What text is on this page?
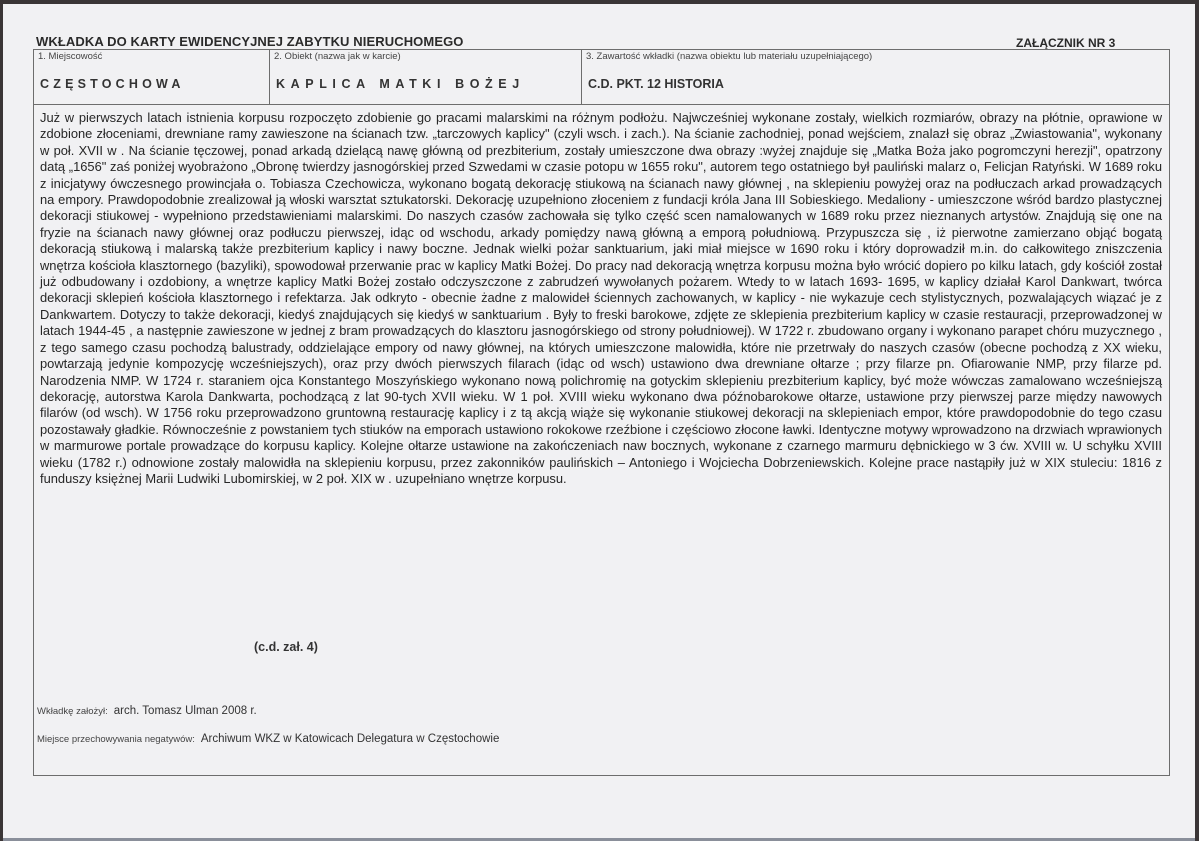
WKŁADKA DO KARTY EWIDENCYJNEJ ZABYTKU NIERUCHOMEGO	ZAŁĄCZNIK NR 3
1. Miejscowość
CZĘSTOCHOWA
2. Obiekt (nazwa jak w karcie)
KAPLICA MATKI BOŻEJ
3. Zawartość wkładki (nazwa obiektu lub materiału uzupełniającego)
C.D. PKT. 12 HISTORIA

Już w pierwszych latach istnienia korpusu rozpoczęto zdobienie go pracami malarskimi na różnym podłożu. Najwcześniej wykonane zostały, wielkich rozmiarów, obrazy na płótnie, oprawione w zdobione złoceniami, drewniane ramy zawieszone na ścianach tzw. „tarczowych kaplicy" (czyli wsch. i zach.). Na ścianie zachodniej, ponad wejściem, znalazł się obraz „Zwiastowania", wykonany w poł. XVII w . Na ścianie tęczowej, ponad arkadą dzielącą nawę główną od prezbiterium, zostały umieszczone dwa obrazy :wyżej znajduje się „Matka Boża jako pogromczyni herezji", opatrzony datą „1656" zaś poniżej wyobrażono „Obronę twierdzy jasnogórskiej przed Szwedami w czasie potopu w 1655 roku", autorem tego ostatniego był pauliński malarz o, Felicjan Ratyński. W 1689 roku z inicjatywy ówczesnego prowincjała o. Tobiasza Czechowicza, wykonano bogatą dekorację stiukową na ścianach nawy głównej , na sklepieniu powyżej oraz na podłuczach arkad prowadzących na empory. Prawdopodobnie zrealizował ją włoski warsztat sztukatorski. Dekorację uzupełniono złoceniem z fundacji króla Jana III Sobieskiego. Medaliony - umieszczone wśród bardzo plastycznej dekoracji stiukowej - wypełniono przedstawieniami malarskimi. Do naszych czasów zachowała się tylko część scen namalowanych w 1689 roku przez nieznanych artystów. Znajdują się one na fryzie na ścianach nawy głównej oraz podłuczu pierwszej, idąc od wschodu, arkady pomiędzy nawą główną a emporą południową. Przypuszcza się , iż pierwotne zamierzano objąć bogatą dekoracją stiukową i malarską także prezbiterium kaplicy i nawy boczne. Jednak wielki pożar sanktuarium, jaki miał miejsce w 1690 roku i który doprowadził m.in. do całkowitego zniszczenia wnętrza kościoła klasztornego (bazyliki), spowodował przerwanie prac w kaplicy Matki Bożej. Do pracy nad dekoracją wnętrza korpusu można było wrócić dopiero po kilku latach, gdy kościół został już odbudowany i ozdobiony, a wnętrze kaplicy Matki Bożej zostało odczyszczone z zabrudzeń wywołanych pożarem. Wtedy to w latach 1693- 1695, w kaplicy działał Karol Dankwart, twórca dekoracji sklepień kościoła klasztornego i refektarza. Jak odkryto - obecnie żadne z malowideł ściennych zachowanych, w kaplicy - nie wykazuje cech stylistycznych, pozwalających wiązać je z Dankwartem. Dotyczy to także dekoracji, kiedyś znajdujących się kiedyś w sanktuarium . Były to freski barokowe, zdjęte ze sklepienia prezbiterium kaplicy w czasie restauracji, przeprowadzonej w latach 1944-45 , a następnie zawieszone w jednej z bram prowadzących do klasztoru jasnogórskiego od strony południowej). W 1722 r. zbudowano organy i wykonano parapet chóru muzycznego , z tego samego czasu pochodzą balustrady, oddzielające empory od nawy głównej, na których umieszczone malowidła, które nie przetrwały do naszych czasów (obecne pochodzą z XX wieku, powtarzają jedynie kompozycję wcześniejszych), oraz przy dwóch pierwszych filarach (idąc od wsch) ustawiono dwa drewniane ołtarze ; przy filarze pn. Ofiarowanie NMP, przy filarze pd. Narodzenia NMP. W 1724 r. staraniem ojca Konstantego Moszyńskiego wykonano nową polichromię na gotyckim sklepieniu prezbiterium kaplicy, być może wówczas zamalowano wcześniejszą dekorację, autorstwa Karola Dankwarta, pochodzącą z lat 90-tych XVII wieku. W 1 poł. XVIII wieku wykonano dwa późnobarokowe ołtarze, ustawione przy pierwszej parze między nawowych filarów (od wsch). W 1756 roku przeprowadzono gruntowną restaurację kaplicy i z tą akcją wiąże się wykonanie stiukowej dekoracji na sklepieniach empor, które prawdopodobnie do tego czasu pozostawały gładkie. Równocześnie z powstaniem tych stiuków na emporach ustawiono rokokowe rzeźbione i częściowo złocone ławki. Identyczne motywy wprowadzono na drzwiach wprawionych w marmurowe portale prowadzące do korpusu kaplicy. Kolejne ołtarze ustawione na zakończeniach naw bocznych, wykonane z czarnego marmuru dębnickiego w 3 ćw. XVIII w. U schyłku XVIII wieku (1782 r.) odnowione zostały malowidła na sklepieniu korpusu, przez zakonników paulińskich – Antoniego i Wojciecha Dobrzeniewskich. Kolejne prace nastąpiły już w XIX stuleciu: 1816 z funduszy księżnej Marii Ludwiki Lubomirskiej, w 2 poł. XIX w . uzupełniano wnętrze korpusu.

(c.d. zał. 4)
Wkładkę założył: arch. Tomasz Ulman 2008 r.
Miejsce przechowywania negatywów: Archiwum WKZ w Katowicach Delegatura w Częstochowie
